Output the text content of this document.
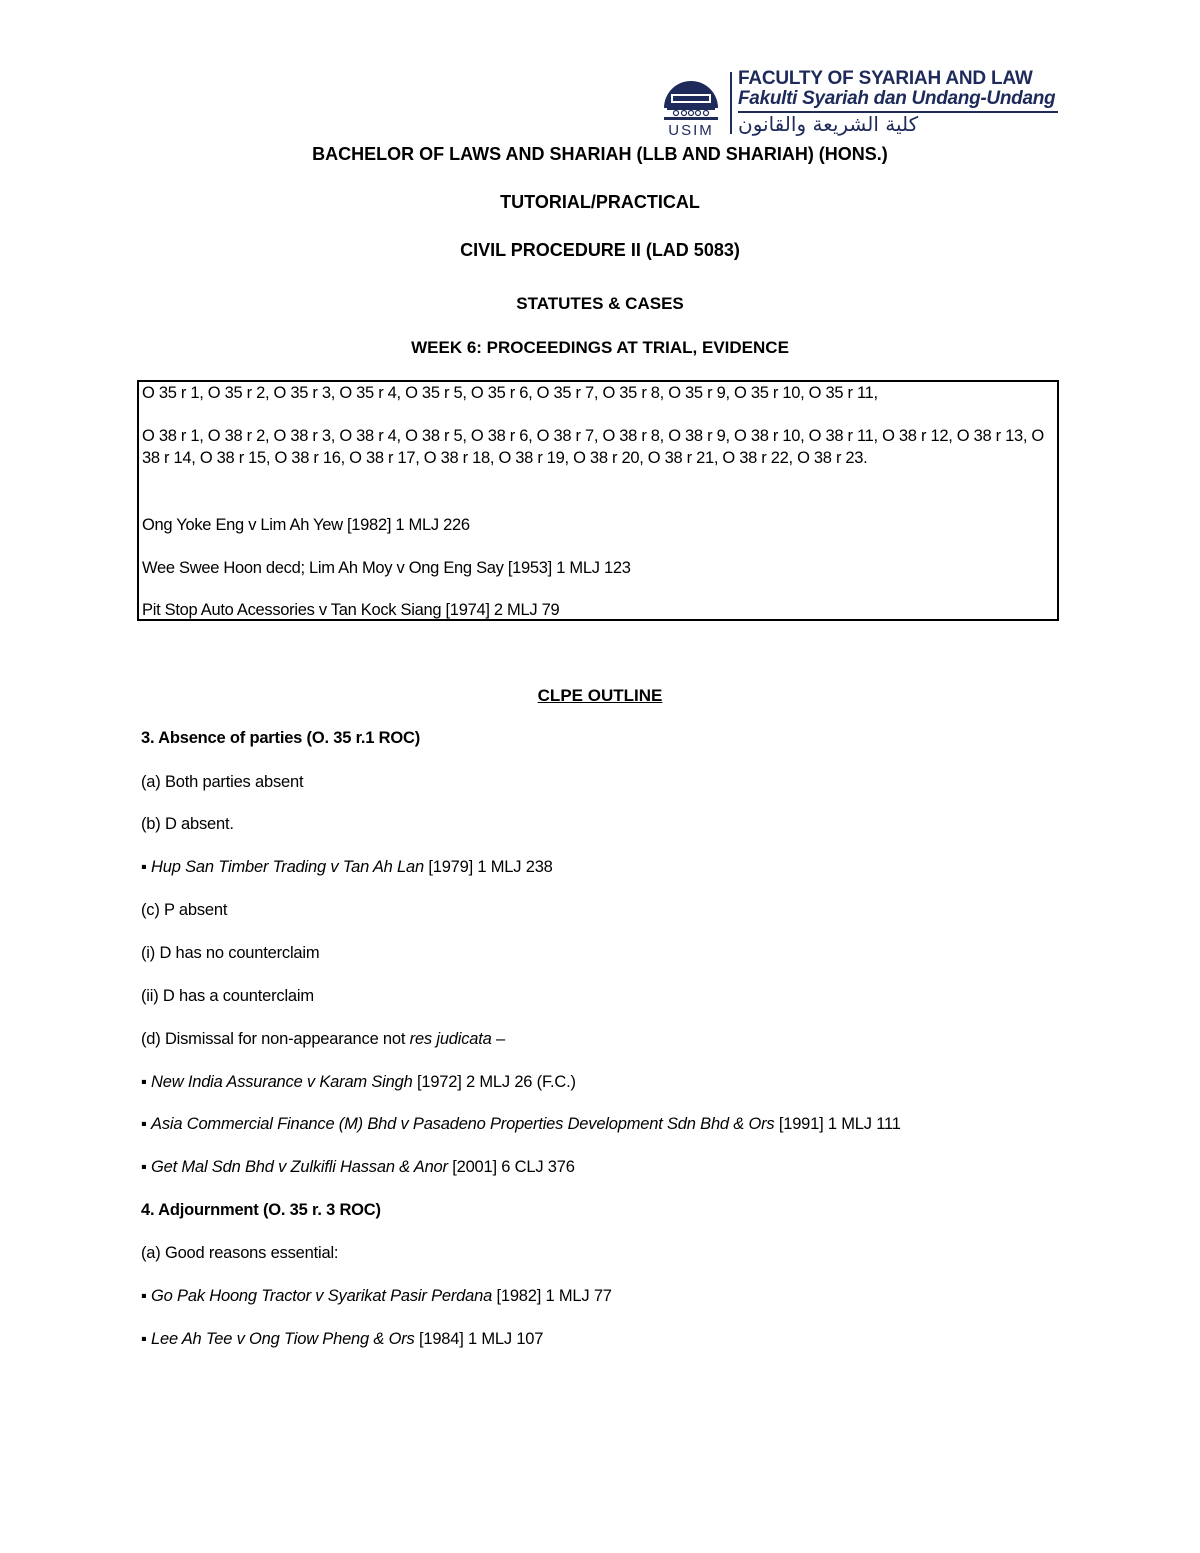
USIM
FACULTY OF SYARIAH AND LAW
Fakulti Syariah dan Undang-Undang
كلية الشريعة والقانون
BACHELOR OF LAWS AND SHARIAH (LLB AND SHARIAH) (HONS.)
TUTORIAL/PRACTICAL
CIVIL PROCEDURE II (LAD 5083)
STATUTES & CASES
WEEK 6: PROCEEDINGS AT TRIAL, EVIDENCE

O 35 r 1, O 35 r 2, O 35 r 3, O 35 r 4, O 35 r 5, O 35 r 6, O 35 r 7, O 35 r 8, O 35 r 9, O 35 r 10, O 35 r 11,

O 38 r 1, O 38 r 2, O 38 r 3, O 38 r 4, O 38 r 5, O 38 r 6, O 38 r 7, O 38 r 8, O 38 r 9, O 38 r 10, O 38 r 11, O 38 r 12, O 38 r 13, O 38 r 14, O 38 r 15, O 38 r 16, O 38 r 17, O 38 r 18, O 38 r 19, O 38 r 20, O 38 r 21, O 38 r 22, O 38 r 23.

Ong Yoke Eng v Lim Ah Yew [1982] 1 MLJ 226

Wee Swee Hoon decd; Lim Ah Moy v Ong Eng Say [1953] 1 MLJ 123

Pit Stop Auto Acessories v Tan Kock Siang [1974] 2 MLJ 79

CLPE OUTLINE
3. Absence of parties (O. 35 r.1 ROC)
(a) Both parties absent
(b) D absent.
▪ Hup San Timber Trading v Tan Ah Lan [1979] 1 MLJ 238
(c) P absent
(i) D has no counterclaim
(ii) D has a counterclaim
(d) Dismissal for non-appearance not res judicata –
▪ New India Assurance v Karam Singh [1972] 2 MLJ 26 (F.C.)
▪ Asia Commercial Finance (M) Bhd v Pasadeno Properties Development Sdn Bhd & Ors [1991] 1 MLJ 111
▪ Get Mal Sdn Bhd v Zulkifli Hassan & Anor [2001] 6 CLJ 376
4. Adjournment (O. 35 r. 3 ROC)
(a) Good reasons essential:
▪ Go Pak Hoong Tractor v Syarikat Pasir Perdana [1982] 1 MLJ 77
▪ Lee Ah Tee v Ong Tiow Pheng & Ors [1984] 1 MLJ 107
